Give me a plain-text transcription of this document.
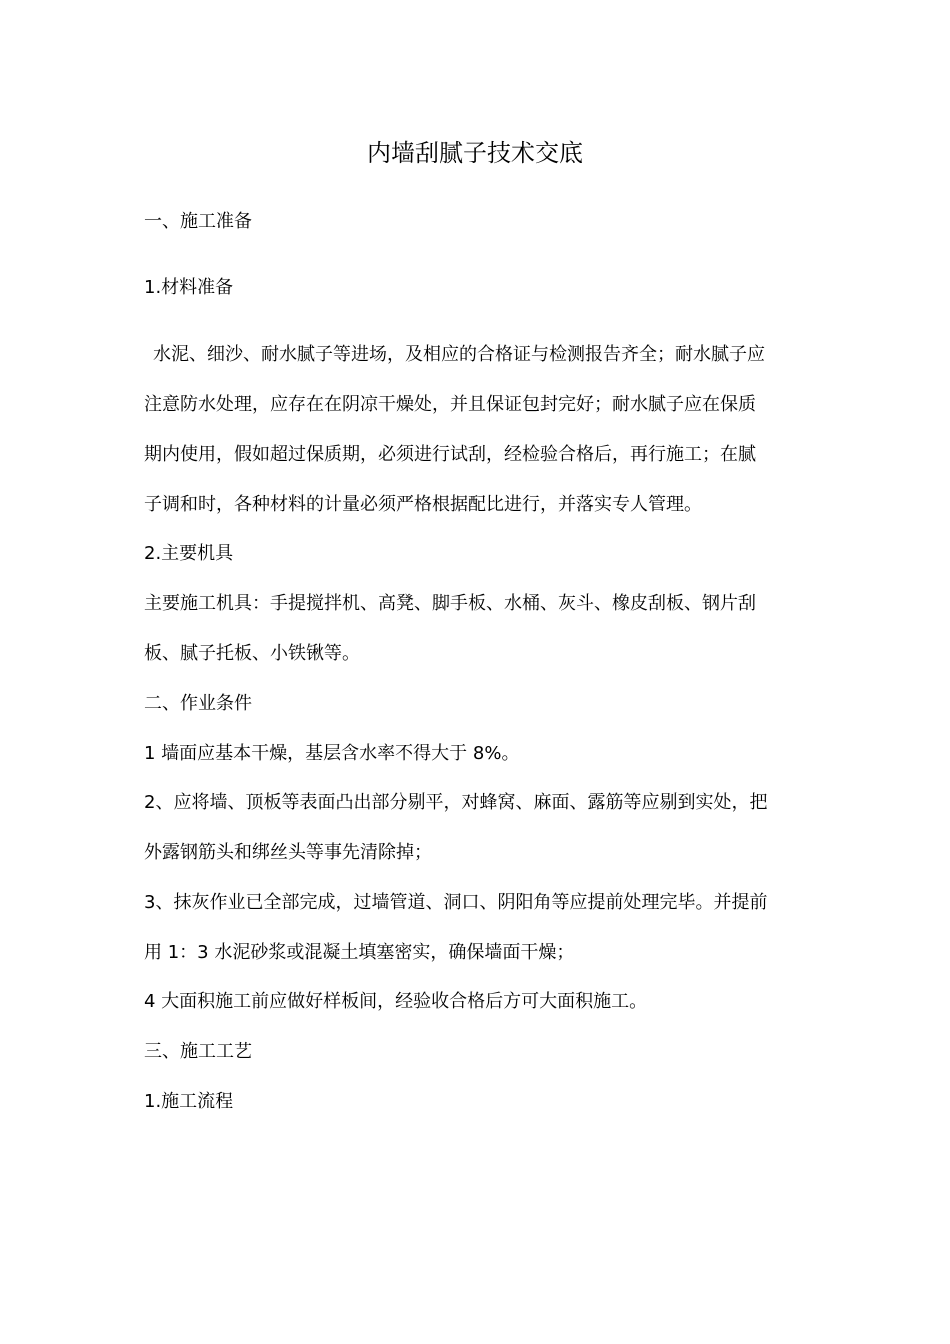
内墙刮腻子技术交底
一、施工准备
1.材料准备
水泥、细沙、耐水腻子等进场，及相应的合格证与检测报告齐全；耐水腻子应
注意防水处理，应存在在阴凉干燥处，并且保证包封完好；耐水腻子应在保质
期内使用，假如超过保质期，必须进行试刮，经检验合格后，再行施工；在腻
子调和时，各种材料的计量必须严格根据配比进行，并落实专人管理。
2.主要机具
主要施工机具：手提搅拌机、高凳、脚手板、水桶、灰斗、橡皮刮板、钢片刮
板、腻子托板、小铁锹等。
二、作业条件
1 墙面应基本干燥，基层含水率不得大于 8%。
2、应将墙、顶板等表面凸出部分剔平，对蜂窝、麻面、露筋等应剔到实处，把
外露钢筋头和绑丝头等事先清除掉；
3、抹灰作业已全部完成，过墙管道、洞口、阴阳角等应提前处理完毕。并提前
用 1：3 水泥砂浆或混凝土填塞密实，确保墙面干燥；
4 大面积施工前应做好样板间，经验收合格后方可大面积施工。
三、施工工艺
1.施工流程
